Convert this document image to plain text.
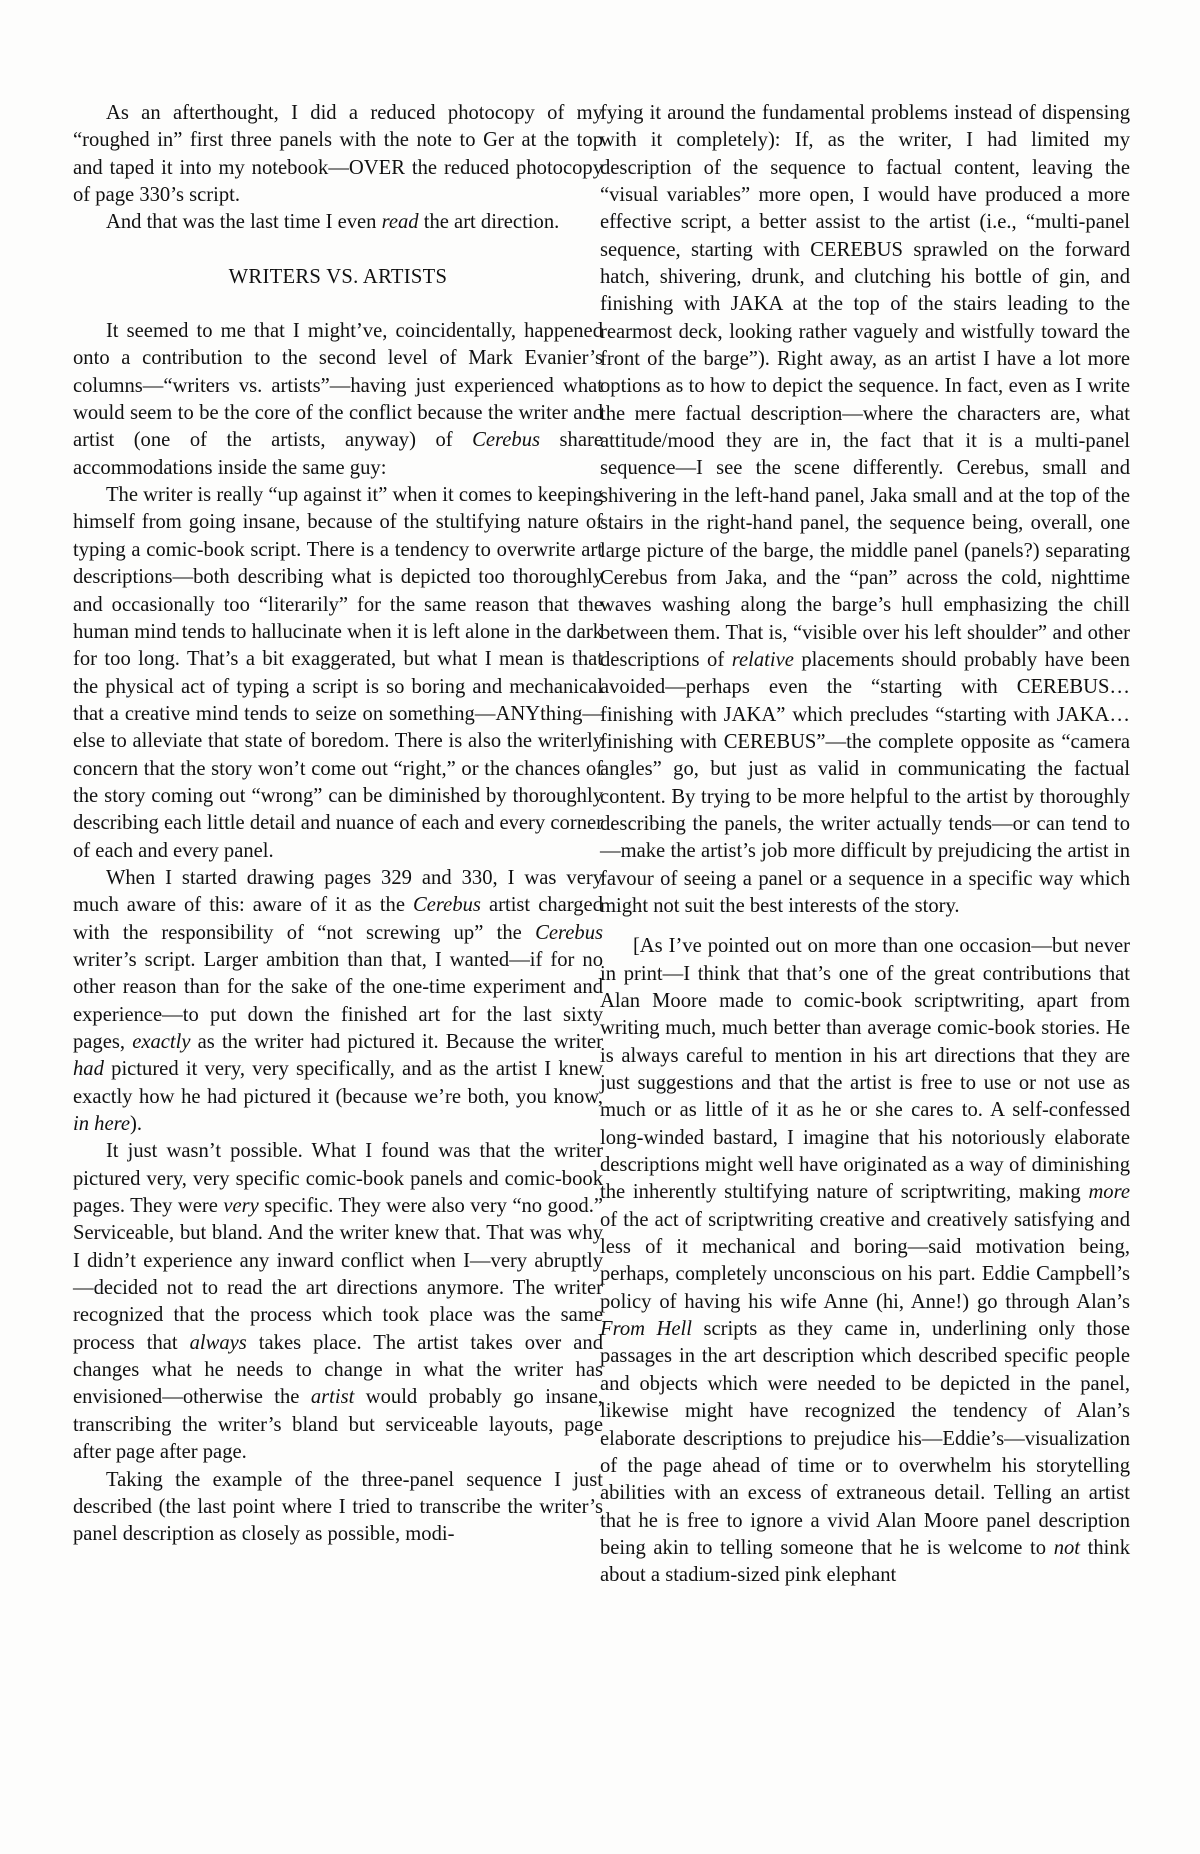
As an afterthought, I did a reduced photocopy of my “roughed in” first three panels with the note to Ger at the top and taped it into my notebook—OVER the reduced photocopy of page 330’s script.

And that was the last time I even read the art direction.

WRITERS VS. ARTISTS

It seemed to me that I might’ve, coincidentally, happened onto a contribution to the second level of Mark Evanier’s columns—“writers vs. artists”—having just experienced what would seem to be the core of the conflict because the writer and artist (one of the artists, anyway) of Cerebus share accommodations inside the same guy:

The writer is really “up against it” when it comes to keeping himself from going insane, because of the stultifying nature of typing a comic-book script. There is a tendency to overwrite art descriptions—both describing what is depicted too thoroughly and occasionally too “literarily” for the same reason that the human mind tends to hallucinate when it is left alone in the dark for too long. That’s a bit exaggerated, but what I mean is that the physical act of typing a script is so boring and mechanical that a creative mind tends to seize on something—ANYthing—else to alleviate that state of boredom. There is also the writerly concern that the story won’t come out “right,” or the chances of the story coming out “wrong” can be diminished by thoroughly describing each little detail and nuance of each and every corner of each and every panel.

When I started drawing pages 329 and 330, I was very much aware of this: aware of it as the Cerebus artist charged with the responsibility of “not screwing up” the Cerebus writer’s script. Larger ambition than that, I wanted—if for no other reason than for the sake of the one-time experiment and experience—to put down the finished art for the last sixty pages, exactly as the writer had pictured it. Because the writer had pictured it very, very specifically, and as the artist I knew exactly how he had pictured it (because we’re both, you know, in here).

It just wasn’t possible. What I found was that the writer pictured very, very specific comic-book panels and comic-book pages. They were very specific. They were also very “no good.” Serviceable, but bland. And the writer knew that. That was why I didn’t experience any inward conflict when I—very abruptly—decided not to read the art directions anymore. The writer recognized that the process which took place was the same process that always takes place. The artist takes over and changes what he needs to change in what the writer has envisioned—otherwise the artist would probably go insane, transcribing the writer’s bland but serviceable layouts, page after page after page.

Taking the example of the three-panel sequence I just described (the last point where I tried to transcribe the writer’s panel description as closely as possible, modi-

fying it around the fundamental problems instead of dispensing with it completely): If, as the writer, I had limited my description of the sequence to factual content, leaving the “visual variables” more open, I would have produced a more effective script, a better assist to the artist (i.e., “multi-panel sequence, starting with CEREBUS sprawled on the forward hatch, shivering, drunk, and clutching his bottle of gin, and finishing with JAKA at the top of the stairs leading to the rearmost deck, looking rather vaguely and wistfully toward the front of the barge”). Right away, as an artist I have a lot more options as to how to depict the sequence. In fact, even as I write the mere factual description—where the characters are, what attitude/mood they are in, the fact that it is a multi-panel sequence—I see the scene differently. Cerebus, small and shivering in the left-hand panel, Jaka small and at the top of the stairs in the right-hand panel, the sequence being, overall, one large picture of the barge, the middle panel (panels?) separating Cerebus from Jaka, and the “pan” across the cold, nighttime waves washing along the barge’s hull emphasizing the chill between them. That is, “visible over his left shoulder” and other descriptions of relative placements should probably have been avoided—perhaps even the “starting with CEREBUS…finishing with JAKA” which precludes “starting with JAKA…finishing with CEREBUS”—the complete opposite as “camera angles” go, but just as valid in communicating the factual content. By trying to be more helpful to the artist by thoroughly describing the panels, the writer actually tends—or can tend to—make the artist’s job more difficult by prejudicing the artist in favour of seeing a panel or a sequence in a specific way which might not suit the best interests of the story.

[As I’ve pointed out on more than one occasion—but never in print—I think that that’s one of the great contributions that Alan Moore made to comic-book scriptwriting, apart from writing much, much better than average comic-book stories. He is always careful to mention in his art directions that they are just suggestions and that the artist is free to use or not use as much or as little of it as he or she cares to. A self-confessed long-winded bastard, I imagine that his notoriously elaborate descriptions might well have originated as a way of diminishing the inherently stultifying nature of scriptwriting, making more of the act of scriptwriting creative and creatively satisfying and less of it mechanical and boring—said motivation being, perhaps, completely unconscious on his part. Eddie Campbell’s policy of having his wife Anne (hi, Anne!) go through Alan’s From Hell scripts as they came in, underlining only those passages in the art description which described specific people and objects which were needed to be depicted in the panel, likewise might have recognized the tendency of Alan’s elaborate descriptions to prejudice his—Eddie’s—visualization of the page ahead of time or to overwhelm his storytelling abilities with an excess of extraneous detail. Telling an artist that he is free to ignore a vivid Alan Moore panel description being akin to telling someone that he is welcome to not think about a stadium-sized pink elephant
